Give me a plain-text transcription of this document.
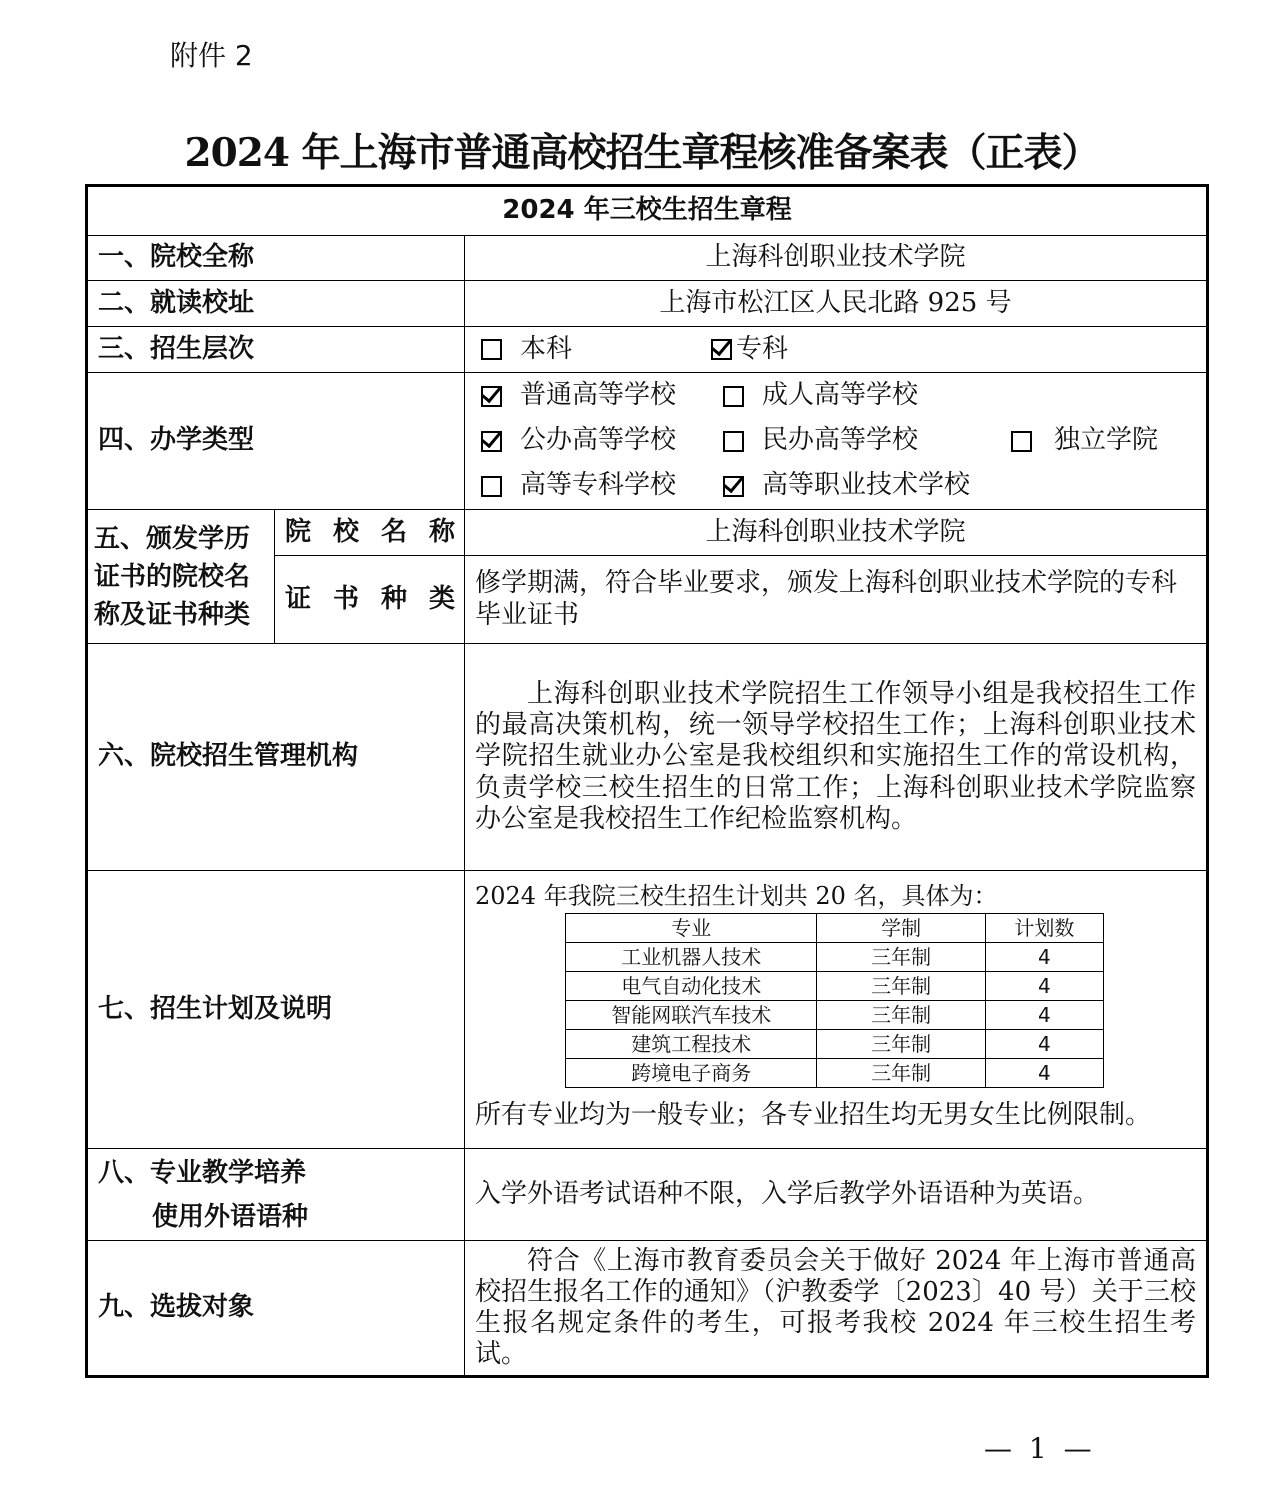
附件 2
2024 年上海市普通高校招生章程核准备案表（正表）
2024 年三校生招生章程
一、院校全称	上海科创职业技术学院
二、就读校址	上海市松江区人民北路 925 号
三、招生层次	本科	专科

四、办学类型	
普通高等学校	成人高等学校
公办高等学校	民办高等学校	独立学院
高等专科学校	高等职业技术学校

五、颁发学历
证书的院校名
称及证书种类
	院校名称	上海科创职业技术学院
证书种类	修学期满，符合毕业要求，颁发上海科创职业技术学院的专科毕业证书
六、院校招生管理机构	上海科创职业技术学院招生工作领导小组是我校招生工作的最高决策机构，统一领导学校招生工作；上海科创职业技术学院招生就业办公室是我校组织和实施招生工作的常设机构，负责学校三校生招生的日常工作；上海科创职业技术学院监察办公室是我校招生工作纪检监察机构。
七、招生计划及说明	
2024 年我院三校生招生计划共 20 名，具体为：
专业	学制	计划数
工业机器人技术	三年制	4
电气自动化技术	三年制	4
智能网联汽车技术	三年制	4
建筑工程技术	三年制	4
跨境电子商务	三年制	4
所有专业均为一般专业；各专业招生均无男女生比例限制。

八、专业教学培养
使用外语语种
	入学外语考试语种不限，入学后教学外语语种为英语。
九、选拔对象	符合《上海市教育委员会关于做好 2024 年上海市普通高校招生报名工作的通知》（沪教委学〔2023〕40 号）关于三校生报名规定条件的考生，可报考我校 2024 年三校生招生考试。
— 1 —
